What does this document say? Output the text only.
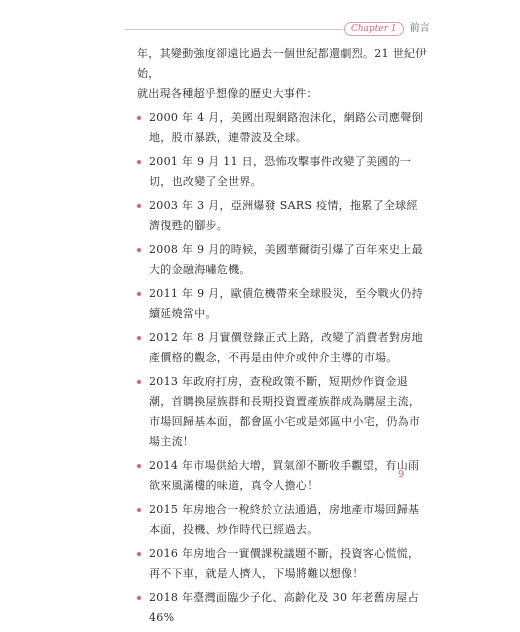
Chapter 1	前言

年，其變動強度卻遠比過去一個世紀都還劇烈。21 世紀伊始，
就出現各種超乎想像的歷史大事件：

2000 年 4 月，美國出現網路泡沫化，網路公司應聲倒地，股市暴跌，連帶波及全球。
2001 年 9 月 11 日，恐怖攻擊事件改變了美國的一切，也改變了全世界。
2003 年 3 月，亞洲爆發 SARS 疫情，拖累了全球經濟復甦的腳步。
2008 年 9 月的時候，美國華爾街引爆了百年來史上最大的金融海嘯危機。
2011 年 9 月，歐債危機帶來全球股災，至今戰火仍持續延燒當中。
2012 年 8 月實價登錄正式上路，改變了消費者對房地產價格的觀念，不再是由仲介或仲介主導的市場。
2013 年政府打房，查稅政策不斷，短期炒作資金退潮，首購換屋族群和長期投資置產族群成為購屋主流，市場回歸基本面，都會區小宅或是郊區中小宅，仍為市場主流！
2014 年市場供給大增，買氣卻不斷收手觀望，有山雨欲來風滿樓的味道，真令人擔心！
2015 年房地合一稅終於立法通過，房地產市場回歸基本面，投機、炒作時代已經過去。
2016 年房地合一實價課稅議題不斷，投資客心慌慌，再不下車，就是人擠人，下場將難以想像！
2018 年臺灣面臨少子化、高齡化及 30 年老舊房屋占 46%
9
